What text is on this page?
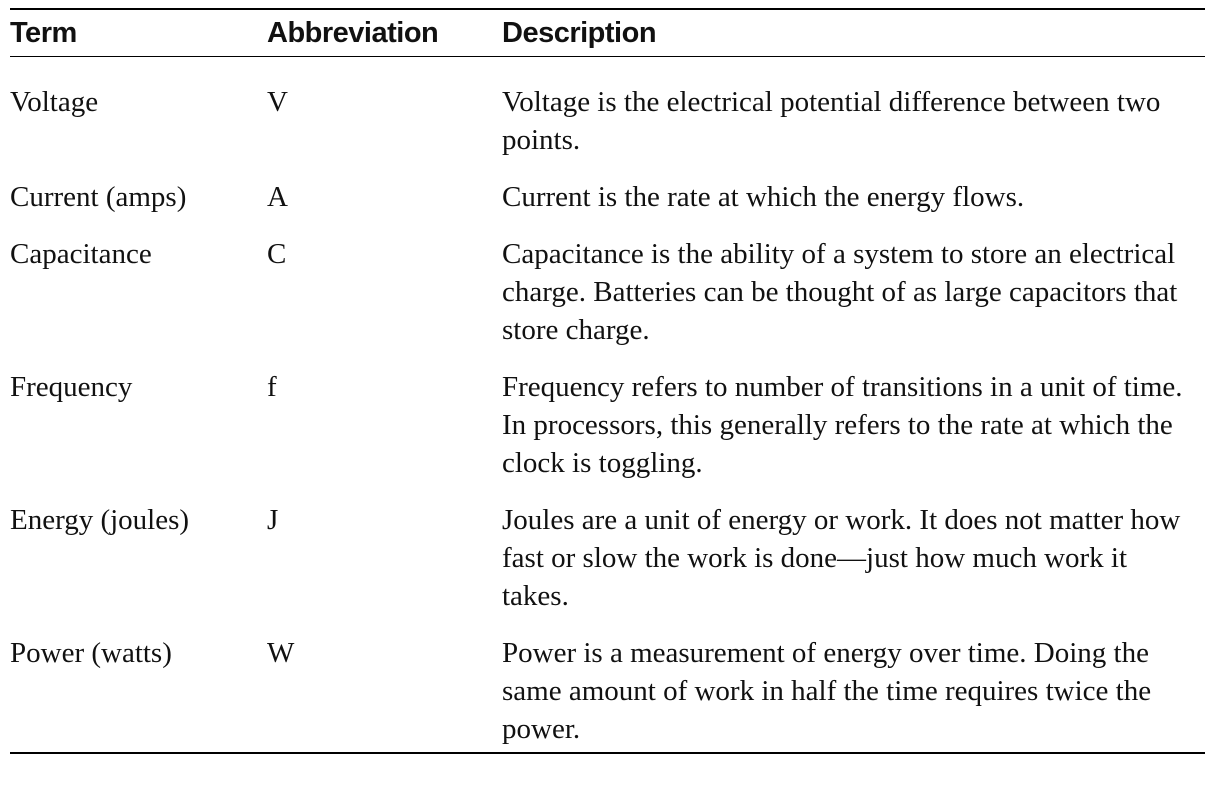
Term	Abbreviation	Description
Voltage	V	Voltage is the electrical potential difference between two points.
Current (amps)	A	Current is the rate at which the energy flows.
Capacitance	C	Capacitance is the ability of a system to store an electrical charge. Batteries can be thought of as large capacitors that store charge.
Frequency	f	Frequency refers to number of transitions in a unit of time. In processors, this generally refers to the rate at which the clock is toggling.
Energy (joules)	J	Joules are a unit of energy or work. It does not matter how fast or slow the work is done—just how much work it takes.
Power (watts)	W	Power is a measurement of energy over time. Doing the same amount of work in half the time requires twice the power.
